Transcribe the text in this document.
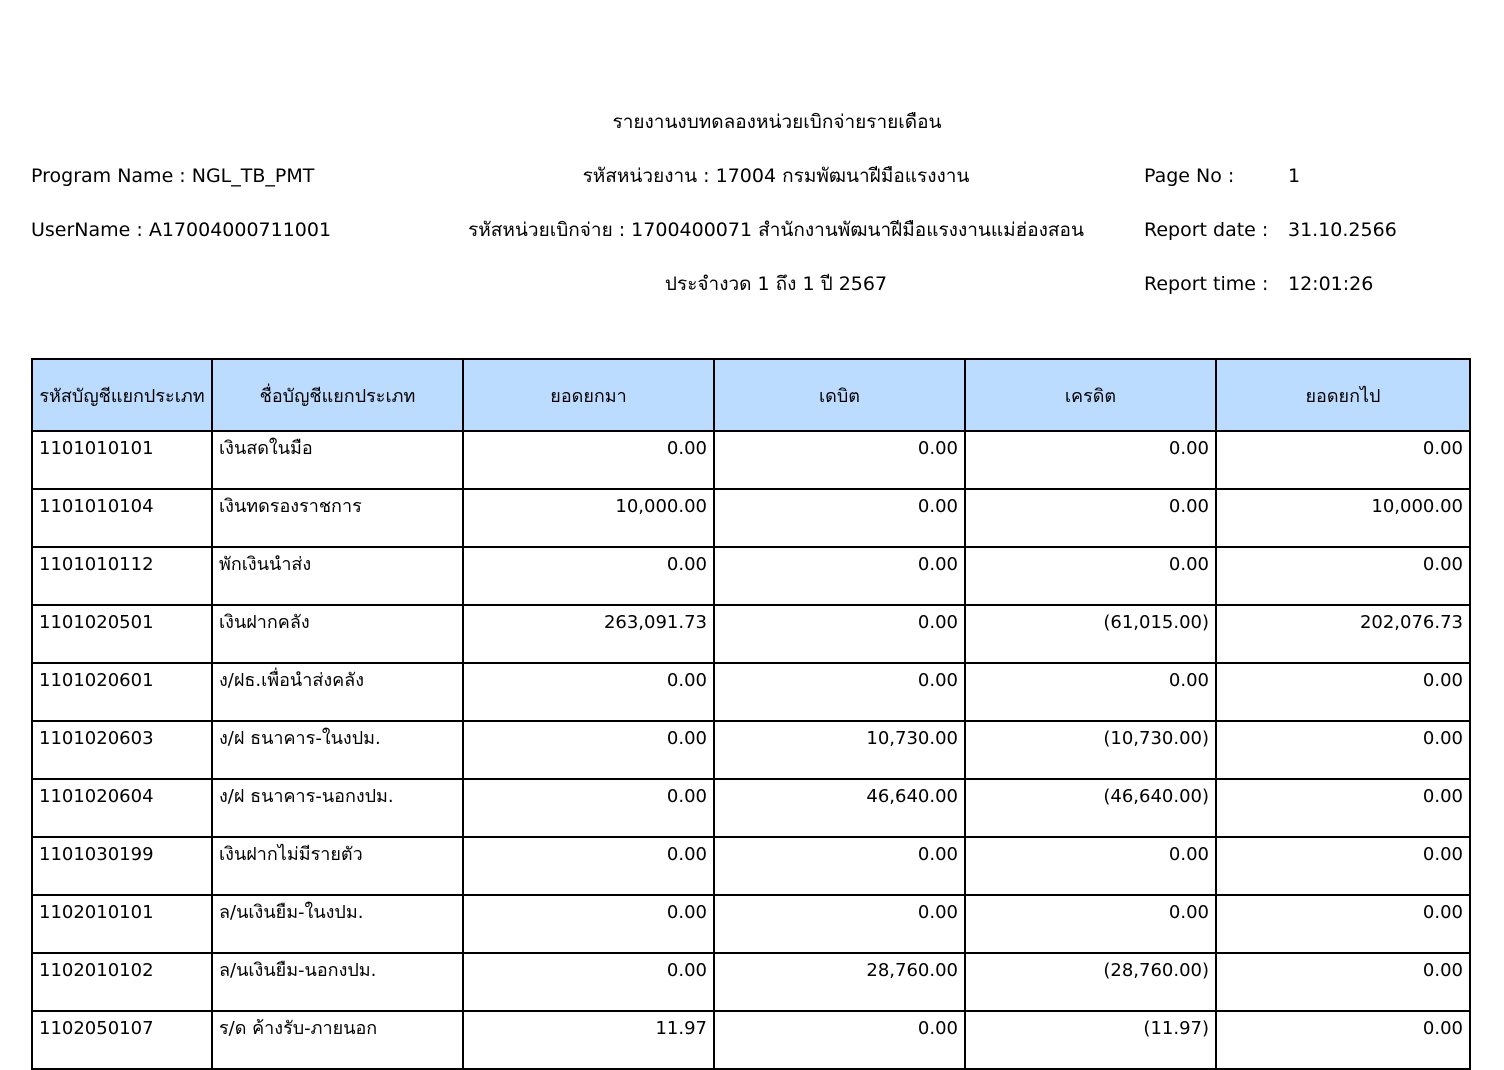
รายงานงบทดลองหน่วยเบิกจ่ายรายเดือน
Program Name : NGL_TB_PMT	รหัสหน่วยงาน : 17004 กรมพัฒนาฝีมือแรงงาน	Page No :	1
UserName : A17004000711001	รหัสหน่วยเบิกจ่าย : 1700400071 สำนักงานพัฒนาฝีมือแรงงานแม่ฮ่องสอน	Report date : 31.10.2566
ประจำงวด 1 ถึง 1 ปี 2567	Report time : 12:01:26
รหัสบัญชีแยกประเภท	ชื่อบัญชีแยกประเภท	ยอดยกมา	เดบิต	เครดิต	ยอดยกไป
1101010101	เงินสดในมือ	0.00	0.00	0.00	0.00
1101010104	เงินทดรองราชการ	10,000.00	0.00	0.00	10,000.00
1101010112	พักเงินนำส่ง	0.00	0.00	0.00	0.00
1101020501	เงินฝากคลัง	263,091.73	0.00	(61,015.00)	202,076.73
1101020601	ง/ฝธ.เพื่อนำส่งคลัง	0.00	0.00	0.00	0.00
1101020603	ง/ฝ ธนาคาร-ในงปม.	0.00	10,730.00	(10,730.00)	0.00
1101020604	ง/ฝ ธนาคาร-นอกงปม.	0.00	46,640.00	(46,640.00)	0.00
1101030199	เงินฝากไม่มีรายตัว	0.00	0.00	0.00	0.00
1102010101	ล/นเงินยืม-ในงปม.	0.00	0.00	0.00	0.00
1102010102	ล/นเงินยืม-นอกงปม.	0.00	28,760.00	(28,760.00)	0.00
1102050107	ร/ด ค้างรับ-ภายนอก	11.97	0.00	(11.97)	0.00
